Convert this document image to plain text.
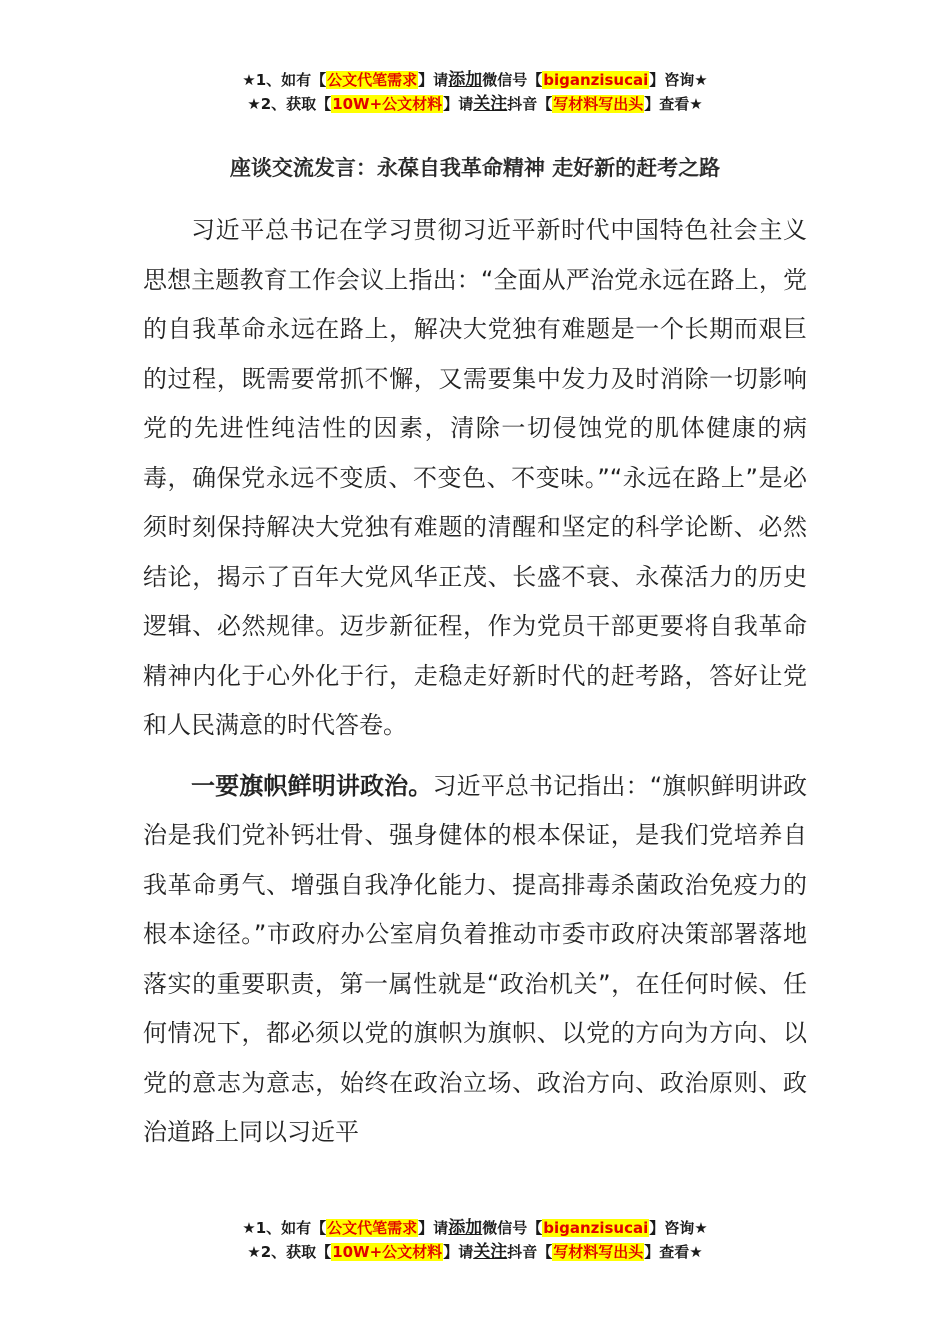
★1、如有【公文代笔需求】请添加微信号【biganzisucai】咨询★
★2、获取【10W+公文材料】请关注抖音【写材料写出头】查看★
座谈交流发言：永葆自我革命精神 走好新的赶考之路

习近平总书记在学习贯彻习近平新时代中国特色社会主义思想主题教育工作会议上指出：“全面从严治党永远在路上，党的自我革命永远在路上，解决大党独有难题是一个长期而艰巨的过程，既需要常抓不懈，又需要集中发力及时消除一切影响党的先进性纯洁性的因素，清除一切侵蚀党的肌体健康的病毒，确保党永远不变质、不变色、不变味。”“永远在路上”是必须时刻保持解决大党独有难题的清醒和坚定的科学论断、必然结论，揭示了百年大党风华正茂、长盛不衰、永葆活力的历史逻辑、必然规律。迈步新征程，作为党员干部更要将自我革命精神内化于心外化于行，走稳走好新时代的赶考路，答好让党和人民满意的时代答卷。

一要旗帜鲜明讲政治。习近平总书记指出：“旗帜鲜明讲政治是我们党补钙壮骨、强身健体的根本保证，是我们党培养自我革命勇气、增强自我净化能力、提高排毒杀菌政治免疫力的根本途径。”市政府办公室肩负着推动市委市政府决策部署落地落实的重要职责，第一属性就是“政治机关”，在任何时候、任何情况下，都必须以党的旗帜为旗帜、以党的方向为方向、以党的意志为意志，始终在政治立场、政治方向、政治原则、政治道路上同以习近平

★1、如有【公文代笔需求】请添加微信号【biganzisucai】咨询★
★2、获取【10W+公文材料】请关注抖音【写材料写出头】查看★
